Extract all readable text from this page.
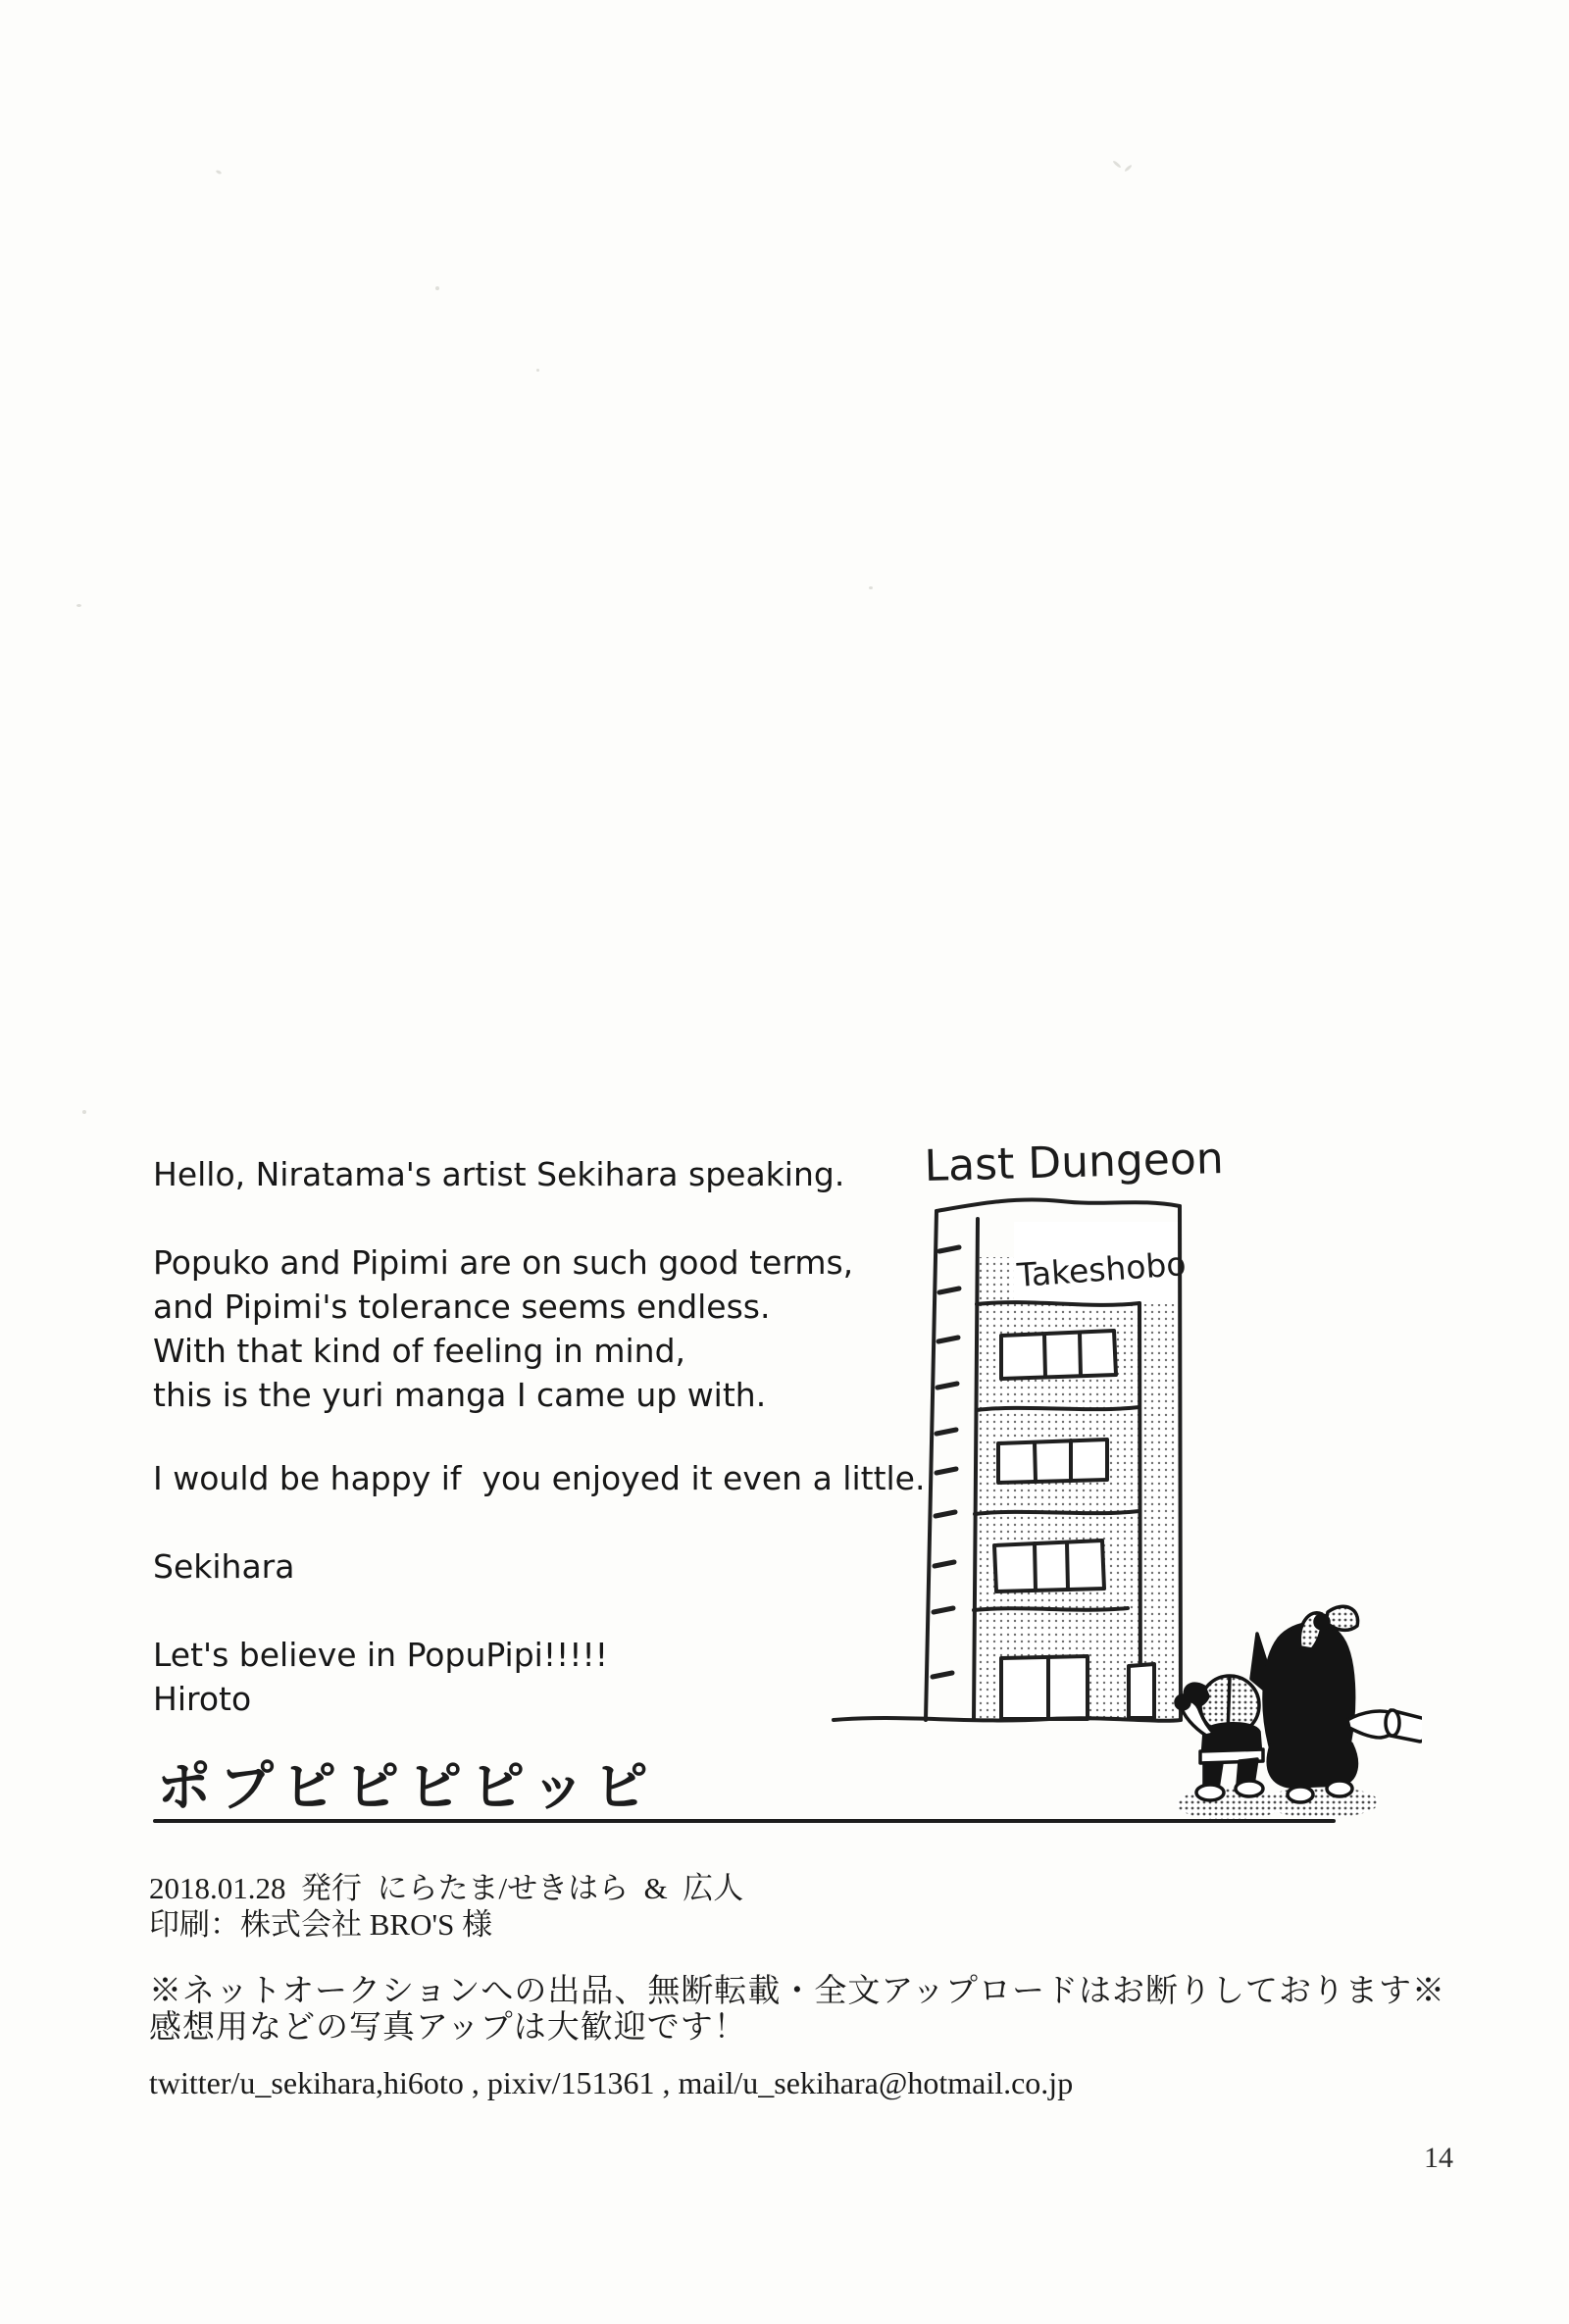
Hello, Niratama's artist Sekihara speaking.
Popuko and Pipimi are on such good terms,
and Pipimi's tolerance seems endless.
With that kind of feeling in mind,
this is the yuri manga I came up with.
I would be happy if  you enjoyed it even a little.
Sekihara
Let's believe in PopuPipi!!!!!
Hiroto
Last Dungeon
Takeshobo
ポプピピピピッピ
2018.01.28  発行  にらたま/せきはら  &  広人
印刷：株式会社 BRO'S 様
※ネットオークションへの出品、無断転載・全文アップロードはお断りしております※
感想用などの写真アップは大歓迎です！
twitter/u_sekihara,hi6oto , pixiv/151361 , mail/u_sekihara@hotmail.co.jp
14
